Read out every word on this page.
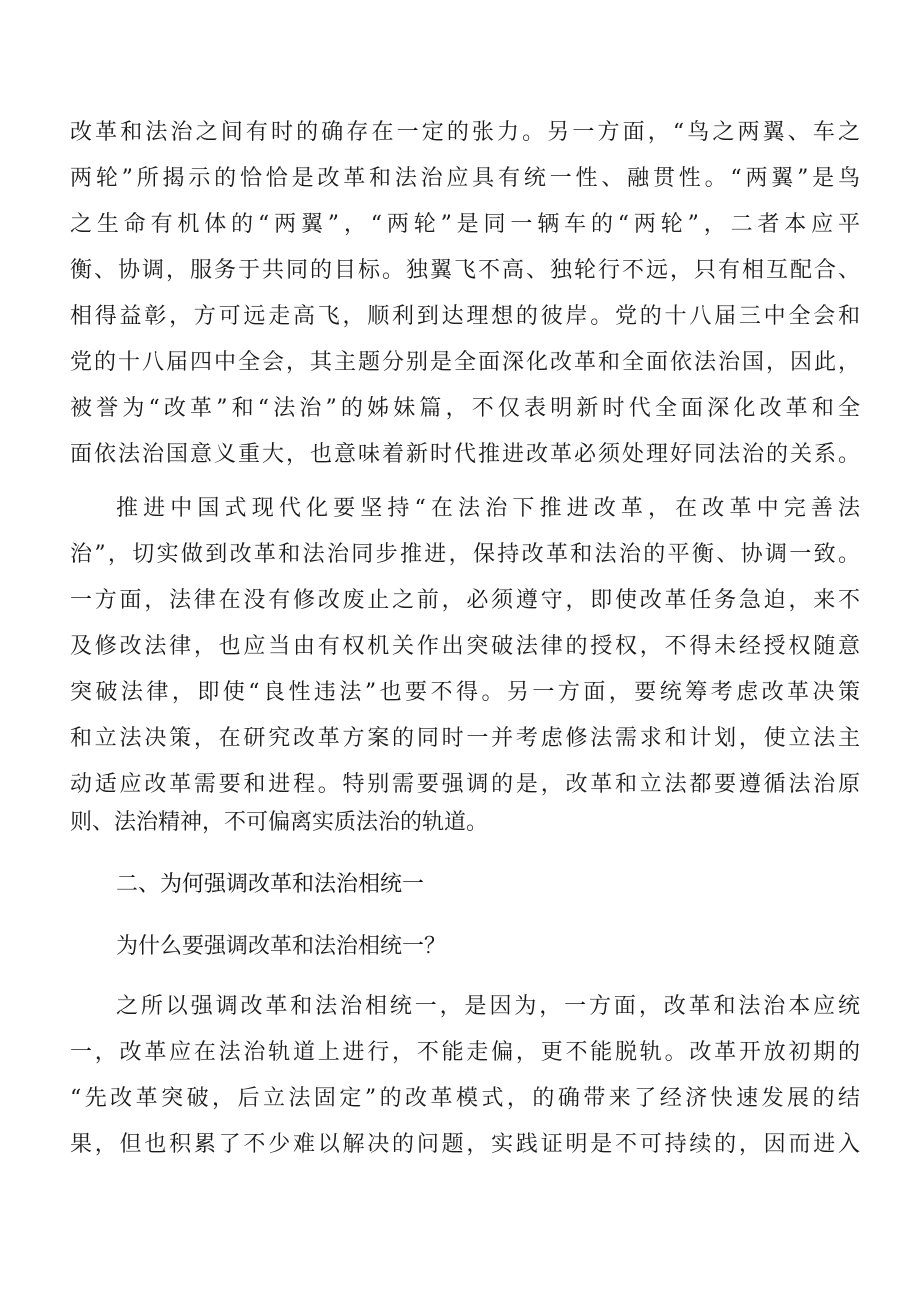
改革和法治之间有时的确存在一定的张力。另一方面，“鸟之两翼、车之
两轮”所揭示的恰恰是改革和法治应具有统一性、融贯性。“两翼”是鸟
之生命有机体的“两翼”，“两轮”是同一辆车的“两轮”，二者本应平
衡、协调，服务于共同的目标。独翼飞不高、独轮行不远，只有相互配合、
相得益彰，方可远走高飞，顺利到达理想的彼岸。党的十八届三中全会和
党的十八届四中全会，其主题分别是全面深化改革和全面依法治国，因此，
被誉为“改革”和“法治”的姊妹篇，不仅表明新时代全面深化改革和全
面依法治国意义重大，也意味着新时代推进改革必须处理好同法治的关系。
推进中国式现代化要坚持“在法治下推进改革，在改革中完善法
治”，切实做到改革和法治同步推进，保持改革和法治的平衡、协调一致。
一方面，法律在没有修改废止之前，必须遵守，即使改革任务急迫，来不
及修改法律，也应当由有权机关作出突破法律的授权，不得未经授权随意
突破法律，即使“良性违法”也要不得。另一方面，要统筹考虑改革决策
和立法决策，在研究改革方案的同时一并考虑修法需求和计划，使立法主
动适应改革需要和进程。特别需要强调的是，改革和立法都要遵循法治原
则、法治精神，不可偏离实质法治的轨道。
二、为何强调改革和法治相统一
为什么要强调改革和法治相统一？
之所以强调改革和法治相统一，是因为，一方面，改革和法治本应统
一，改革应在法治轨道上进行，不能走偏，更不能脱轨。改革开放初期的
“先改革突破，后立法固定”的改革模式，的确带来了经济快速发展的结
果，但也积累了不少难以解决的问题，实践证明是不可持续的，因而进入
